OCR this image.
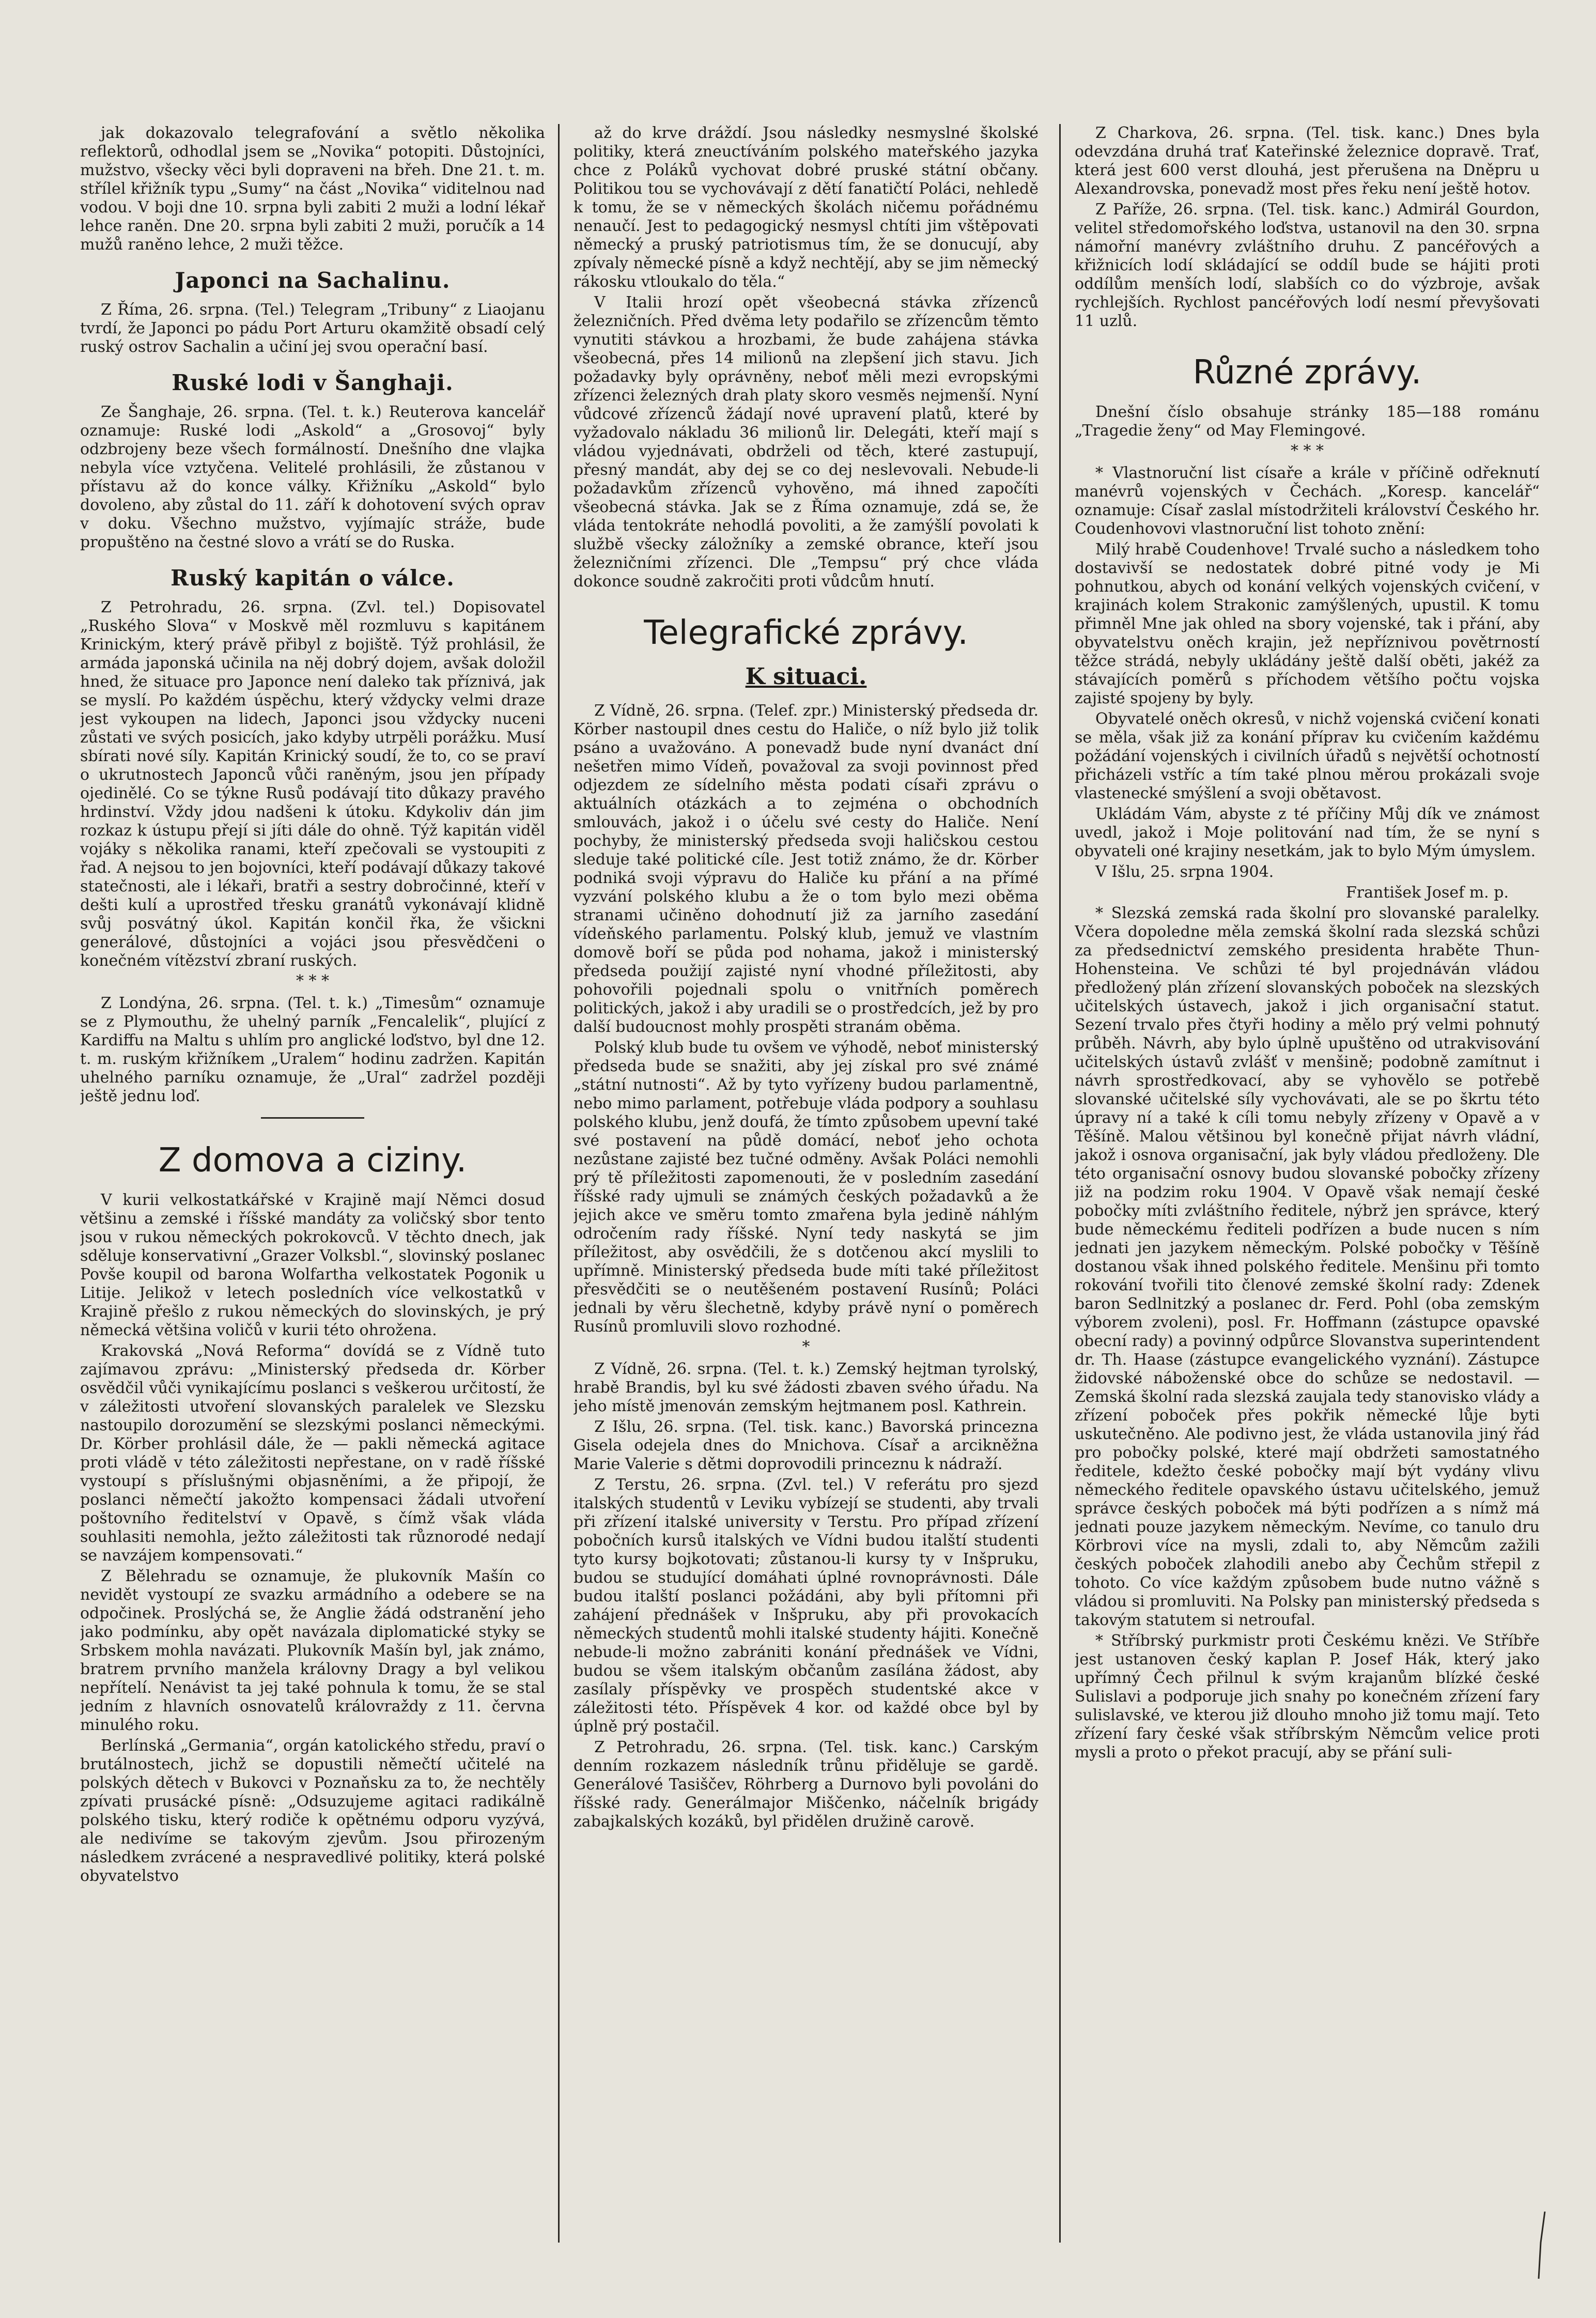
jak dokazovalo telegrafování a světlo několika reflektorů, odhodlal jsem se „Novika“ potopiti. Důstojníci, mužstvo, všecky věci byli dopraveni na břeh. Dne 21. t. m. střílel křižník typu „Sumy“ na část „Novika“ viditelnou nad vodou. V boji dne 10. srpna byli zabiti 2 muži a lodní lékař lehce raněn. Dne 20. srpna byli zabiti 2 muži, poručík a 14 mužů raněno lehce, 2 muži těžce.

Japonci na Sachalinu.

Z Říma, 26. srpna. (Tel.) Telegram „Tribuny“ z Liaojanu tvrdí, že Japonci po pádu Port Arturu okamžitě obsadí celý ruský ostrov Sachalin a učiní jej svou operační basí.

Ruské lodi v Šanghaji.

Ze Šanghaje, 26. srpna. (Tel. t. k.) Reuterova kancelář oznamuje: Ruské lodi „Askold“ a „Grosovoj“ byly odzbrojeny beze všech formálností. Dnešního dne vlajka nebyla více vztyčena. Velitelé prohlásili, že zůstanou v přístavu až do konce války. Křižníku „Askold“ bylo dovoleno, aby zůstal do 11. září k dohotovení svých oprav v doku. Všechno mužstvo, vyjímajíc stráže, bude propuštěno na čestné slovo a vrátí se do Ruska.

Ruský kapitán o válce.

Z Petrohradu, 26. srpna. (Zvl. tel.) Dopisovatel „Ruského Slova“ v Moskvě měl rozmluvu s kapitánem Krinickým, který právě přibyl z bojiště. Týž prohlásil, že armáda japonská učinila na něj dobrý dojem, avšak doložil hned, že situace pro Japonce není daleko tak příznivá, jak se myslí. Po každém úspěchu, který vždycky velmi draze jest vykoupen na lidech, Japonci jsou vždycky nuceni zůstati ve svých posicích, jako kdyby utrpěli porážku. Musí sbírati nové síly. Kapitán Krinický soudí, že to, co se praví o ukrutnostech Japonců vůči raněným, jsou jen případy ojedinělé. Co se týkne Rusů podávají tito důkazy pravého hrdinství. Vždy jdou nadšeni k útoku. Kdykoliv dán jim rozkaz k ústupu přejí si jíti dále do ohně. Týž kapitán viděl vojáky s několika ranami, kteří zpečovali se vystoupiti z řad. A nejsou to jen bojovníci, kteří podávají důkazy takové statečnosti, ale i lékaři, bratři a sestry dobročinné, kteří v dešti kulí a uprostřed třesku granátů vykonávají klidně svůj posvátný úkol. Kapitán končil řka, že všickni generálové, důstojníci a vojáci jsou přesvědčeni o konečném vítězství zbraní ruských.

* * *

Z Londýna, 26. srpna. (Tel. t. k.) „Timesům“ oznamuje se z Plymouthu, že uhelný parník „Fencalelik“, plující z Kardiffu na Maltu s uhlím pro anglické loďstvo, byl dne 12. t. m. ruským křižníkem „Uralem“ hodinu zadržen. Kapitán uhelného parníku oznamuje, že „Ural“ zadržel později ještě jednu loď.

Z domova a ciziny.

V kurii velkostatkářské v Krajině mají Němci dosud většinu a zemské i říšské mandáty za voličský sbor tento jsou v rukou německých pokrokovců. V těchto dnech, jak sděluje konservativní „Grazer Volksbl.“, slovinský poslanec Povše koupil od barona Wolfartha velkostatek Pogonik u Litije. Jelikož v letech posledních více velkostatků v Krajině přešlo z rukou německých do slovinských, je prý německá většina voličů v kurii této ohrožena.

Krakovská „Nová Reforma“ dovídá se z Vídně tuto zajímavou zprávu: „Ministerský předseda dr. Körber osvědčil vůči vynikajícímu poslanci s veškerou určitostí, že v záležitosti utvoření slovanských paralelek ve Slezsku nastoupilo dorozumění se slezskými poslanci německými. Dr. Körber prohlásil dále, že — pakli německá agitace proti vládě v této záležitosti nepřestane, on v radě říšské vystoupí s příslušnými objasněními, a že připojí, že poslanci němečtí jakožto kompensaci žádali utvoření poštovního ředitelství v Opavě, s čímž však vláda souhlasiti nemohla, ježto záležitosti tak různorodé nedají se navzájem kompensovati.“

Z Bělehradu se oznamuje, že plukovník Mašín co nevidět vystoupí ze svazku armádního a odebere se na odpočinek. Proslýchá se, že Anglie žádá odstranění jeho jako podmínku, aby opět navázala diplomatické styky se Srbskem mohla navázati. Plukovník Mašín byl, jak známo, bratrem prvního manžela královny Dragy a byl velikou nepřítelí. Nenávist ta jej také pohnula k tomu, že se stal jedním z hlavních osnovatelů královraždy z 11. června minulého roku.

Berlínská „Germania“, orgán katolického středu, praví o brutálnostech, jichž se dopustili němečtí učitelé na polských dětech v Bukovci v Poznaňsku za to, že nechtěly zpívati prusácké písně: „Odsuzujeme agitaci radikálně polského tisku, který rodiče k opětnému odporu vyzývá, ale nedivíme se takovým zjevům. Jsou přirozeným následkem zvrácené a nespravedlivé politiky, která polské obyvatelstvo

až do krve dráždí. Jsou následky nesmyslné školské politiky, která zneuctíváním polského mateřského jazyka chce z Poláků vychovat dobré pruské státní občany. Politikou tou se vychovávají z dětí fanatičtí Poláci, nehledě k tomu, že se v německých školách ničemu pořádnému nenaučí. Jest to pedagogický nesmysl chtíti jim vštěpovati německý a pruský patriotismus tím, že se donucují, aby zpívaly německé písně a když nechtějí, aby se jim německý rákosku vtloukalo do těla.“

V Italii hrozí opět všeobecná stávka zřízenců železničních. Před dvěma lety podařilo se zřízencům těmto vynutiti stávkou a hrozbami, že bude zahájena stávka všeobecná, přes 14 milionů na zlepšení jich stavu. Jich požadavky byly oprávněny, neboť měli mezi evropskými zřízenci železných drah platy skoro vesměs nejmenší. Nyní vůdcové zřízenců žádají nové upravení platů, které by vyžadovalo nákladu 36 milionů lir. Delegáti, kteří mají s vládou vyjednávati, obdrželi od těch, které zastupují, přesný mandát, aby dej se co dej neslevovali. Nebude-li požadavkům zřízenců vyhověno, má ihned započíti všeobecná stávka. Jak se z Říma oznamuje, zdá se, že vláda tentokráte nehodlá povoliti, a že zamýšlí povolati k službě všecky záložníky a zemské obrance, kteří jsou železničními zřízenci. Dle „Tempsu“ prý chce vláda dokonce soudně zakročiti proti vůdcům hnutí.

Telegrafické zprávy.
K situaci.

Z Vídně, 26. srpna. (Telef. zpr.) Ministerský předseda dr. Körber nastoupil dnes cestu do Haliče, o níž bylo již tolik psáno a uvažováno. A ponevadž bude nyní dvanáct dní nešetřen mimo Vídeň, považoval za svoji povinnost před odjezdem ze sídelního města podati císaři zprávu o aktuálních otázkách a to zejména o obchodních smlouvách, jakož i o účelu své cesty do Haliče. Není pochyby, že ministerský předseda svoji haličskou cestou sleduje také politické cíle. Jest totiž známo, že dr. Körber podniká svoji výpravu do Haliče ku přání a na přímé vyzvání polského klubu a že o tom bylo mezi oběma stranami učiněno dohodnutí již za jarního zasedání vídeňského parlamentu. Polský klub, jemuž ve vlastním domově boří se půda pod nohama, jakož i ministerský předseda použijí zajisté nyní vhodné příležitosti, aby pohovořili pojednali spolu o vnitřních poměrech politických, jakož i aby uradili se o prostředcích, jež by pro další budoucnost mohly prospěti stranám oběma.

Polský klub bude tu ovšem ve výhodě, neboť ministerský předseda bude se snažiti, aby jej získal pro své známé „státní nutnosti“. Až by tyto vyřízeny budou parlamentně, nebo mimo parlament, potřebuje vláda podpory a souhlasu polského klubu, jenž doufá, že tímto způsobem upevní také své postavení na půdě domácí, neboť jeho ochota nezůstane zajisté bez tučné odměny. Avšak Poláci nemohli prý tě příležitosti zapomenouti, že v posledním zasedání říšské rady ujmuli se známých českých požadavků a že jejich akce ve směru tomto zmařena byla jedině náhlým odročením rady říšské. Nyní tedy naskytá se jim příležitost, aby osvědčili, že s dotčenou akcí myslili to upřímně. Ministerský předseda bude míti také příležitost přesvědčiti se o neutěšeném postavení Rusínů; Poláci jednali by věru šlechetně, kdyby právě nyní o poměrech Rusínů promluvili slovo rozhodné.

*

Z Vídně, 26. srpna. (Tel. t. k.) Zemský hejtman tyrolský, hrabě Brandis, byl ku své žádosti zbaven svého úřadu. Na jeho místě jmenován zemským hejtmanem posl. Kathrein.

Z Išlu, 26. srpna. (Tel. tisk. kanc.) Bavorská princezna Gisela odejela dnes do Mnichova. Císař a arcikněžna Marie Valerie s dětmi doprovodili princeznu k nádraží.

Z Terstu, 26. srpna. (Zvl. tel.) V referátu pro sjezd italských studentů v Leviku vybízejí se studenti, aby trvali při zřízení italské university v Terstu. Pro případ zřízení pobočních kursů italských ve Vídni budou italští studenti tyto kursy bojkotovati; zůstanou-li kursy ty v Inšpruku, budou se studující domáhati úplné rovnoprávnosti. Dále budou italští poslanci požádáni, aby byli přítomni při zahájení přednášek v Inšpruku, aby při provokacích německých studentů mohli italské studenty hájiti. Konečně nebude-li možno zabrániti konání přednášek ve Vídni, budou se všem italským občanům zasílána žádost, aby zasílaly příspěvky ve prospěch studentské akce v záležitosti této. Příspěvek 4 kor. od každé obce byl by úplně prý postačil.

Z Petrohradu, 26. srpna. (Tel. tisk. kanc.) Carským denním rozkazem následník trůnu přiděluje se gardě. Generálové Tasiščev, Röhrberg a Durnovo byli povoláni do říšské rady. Generálmajor Miščenko, náčelník brigády zabajkalských kozáků, byl přidělen družině carově.

Z Charkova, 26. srpna. (Tel. tisk. kanc.) Dnes byla odevzdána druhá trať Kateřinské železnice dopravě. Trať, která jest 600 verst dlouhá, jest přerušena na Dněpru u Alexandrovska, ponevadž most přes řeku není ještě hotov.

Z Paříže, 26. srpna. (Tel. tisk. kanc.) Admirál Gourdon, velitel středomořského loďstva, ustanovil na den 30. srpna námořní manévry zvláštního druhu. Z pancéřových a křižnicích lodí skládající se oddíl bude se hájiti proti oddílům menších lodí, slabších co do výzbroje, avšak rychlejších. Rychlost pancéřových lodí nesmí převyšovati 11 uzlů.

Různé zprávy.

Dnešní číslo obsahuje stránky 185—188 románu „Tragedie ženy“ od May Flemingové.

* * *

* Vlastnoruční list císaře a krále v příčině odřeknutí manévrů vojenských v Čechách. „Koresp. kancelář“ oznamuje: Císař zaslal místodržiteli království Českého hr. Coudenhovovi vlastnoruční list tohoto znění:

Milý hrabě Coudenhove! Trvalé sucho a následkem toho dostavivší se nedostatek dobré pitné vody je Mi pohnutkou, abych od konání velkých vojenských cvičení, v krajinách kolem Strakonic zamýšlených, upustil. K tomu přimněl Mne jak ohled na sbory vojenské, tak i přání, aby obyvatelstvu oněch krajin, jež nepříznivou povětrností těžce strádá, nebyly ukládány ještě další oběti, jakéž za stávajících poměrů s příchodem většího počtu vojska zajisté spojeny by byly.

Obyvatelé oněch okresů, v nichž vojenská cvičení konati se měla, však již za konání příprav ku cvičením každému požádání vojenských i civilních úřadů s největší ochotností přicházeli vstříc a tím také plnou měrou prokázali svoje vlastenecké smýšlení a svoji obětavost.

Ukládám Vám, abyste z té příčiny Můj dík ve známost uvedl, jakož i Moje politování nad tím, že se nyní s obyvateli oné krajiny nesetkám, jak to bylo Mým úmyslem.

V Išlu, 25. srpna 1904.

František Josef m. p.

* Slezská zemská rada školní pro slovanské paralelky. Včera dopoledne měla zemská školní rada slezská schůzi za předsednictví zemského presidenta hraběte Thun-Hohensteina. Ve schůzi té byl projednáván vládou předložený plán zřízení slovanských poboček na slezských učitelských ústavech, jakož i jich organisační statut. Sezení trvalo přes čtyři hodiny a mělo prý velmi pohnutý průběh. Návrh, aby bylo úplně upuštěno od utrakvisování učitelských ústavů zvlášť v menšině; podobně zamítnut i návrh sprostředkovací, aby se vyhovělo se potřebě slovanské učitelské síly vychovávati, ale se po škrtu této úpravy ní a také k cíli tomu nebyly zřízeny v Opavě a v Těšíně. Malou většinou byl konečně přijat návrh vládní, jakož i osnova organisační, jak byly vládou předloženy. Dle této organisační osnovy budou slovanské pobočky zřízeny již na podzim roku 1904. V Opavě však nemají české pobočky míti zvláštního ředitele, nýbrž jen správce, který bude německému řediteli podřízen a bude nucen s ním jednati jen jazykem německým. Polské pobočky v Těšíně dostanou však ihned polského ředitele. Menšinu při tomto rokování tvořili tito členové zemské školní rady: Zdenek baron Sedlnitzký a poslanec dr. Ferd. Pohl (oba zemským výborem zvoleni), posl. Fr. Hoffmann (zástupce opavské obecní rady) a povinný odpůrce Slovanstva superintendent dr. Th. Haase (zástupce evangelického vyznání). Zástupce židovské náboženské obce do schůze se nedostavil. — Zemská školní rada slezská zaujala tedy stanovisko vlády a zřízení poboček přes pokřik německé lůje byti uskutečněno. Ale podivno jest, že vláda ustanovila jiný řád pro pobočky polské, které mají obdržeti samostatného ředitele, kdežto české pobočky mají být vydány vlivu německého ředitele opavského ústavu učitelského, jemuž správce českých poboček má býti podřízen a s nímž má jednati pouze jazykem německým. Nevíme, co tanulo dru Körbrovi více na mysli, zdali to, aby Němcům zažili českých poboček zlahodili anebo aby Čechům střepil z tohoto. Co více každým způsobem bude nutno vážně s vládou si promluviti. Na Polsky pan ministerský předseda s takovým statutem si netroufal.

* Stříbrský purkmistr proti Českému knězi. Ve Stříbře jest ustanoven český kaplan P. Josef Hák, který jako upřímný Čech přilnul k svým krajanům blízké české Sulislavi a podporuje jich snahy po konečném zřízení fary sulislavské, ve kterou již dlouho mnoho již tomu mají. Teto zřízení fary české však stříbrským Němcům velice proti mysli a proto o překot pracují, aby se přání suli-
